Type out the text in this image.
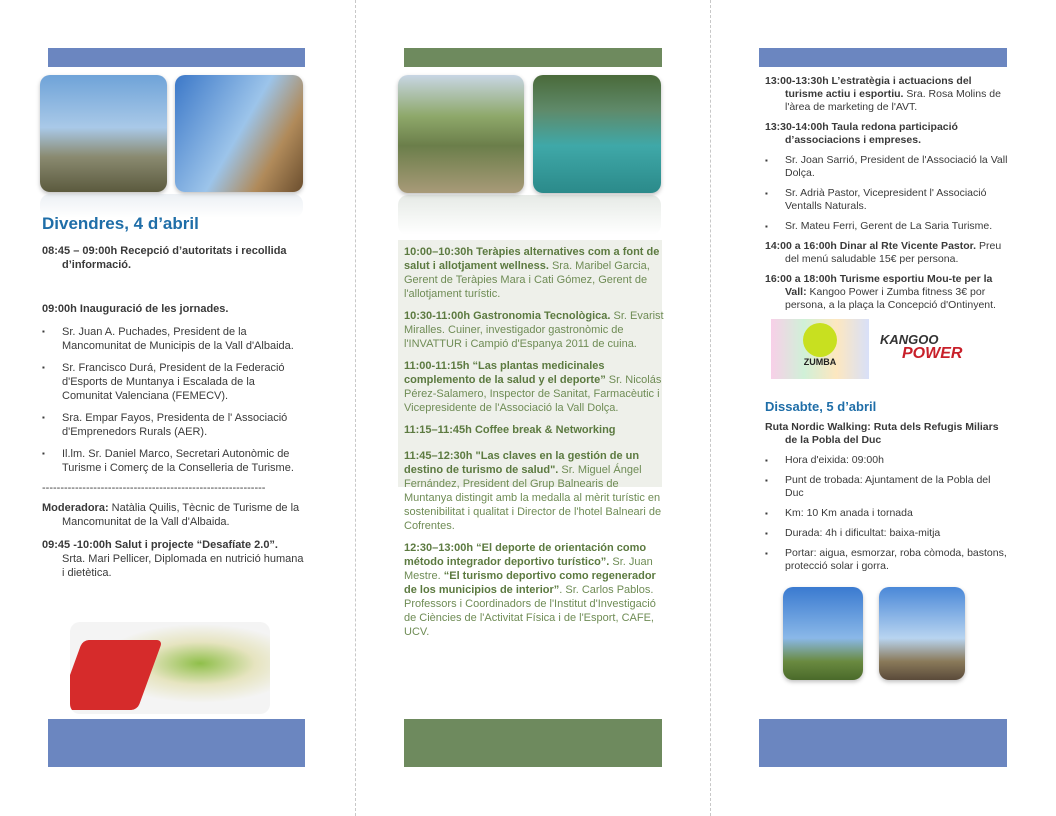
Divendres, 4 d’abril
08:45 – 09:00h Recepció d’autoritats i recollida d’informació.
09:00h Inauguració de les jornades.
▪ Sr. Juan A. Puchades, President de la Mancomunitat de Municipis de la Vall d'Albaida.
▪ Sr. Francisco Durá, President de la Federació d'Esports de Muntanya i Escalada de la Comunitat Valenciana (FEMECV).
▪ Sra. Empar Fayos, Presidenta de l' Associació d'Emprenedors Rurals (AER).
▪ Il.lm. Sr. Daniel Marco, Secretari Autonòmic de Turisme i Comerç de la Conselleria de Turisme.
-------------------------------------------------------------
Moderadora: Natàlia Quilis, Tècnic de Turisme de la Mancomunitat de la Vall d'Albaida.
09:45 -10:00h Salut i projecte “Desafíate 2.0”. Srta. Mari Pellicer, Diplomada en nutrició humana i dietètica.
10:00–10:30h Teràpies alternatives com a font de salut i allotjament wellness. Sra. Maribel Garcia, Gerent de Teràpies Mara i Cati Gómez, Gerent de l'allotjament turístic.
10:30-11:00h Gastronomia Tecnològica. Sr. Evarist Miralles. Cuiner, investigador gastronòmic de l'INVATTUR i Campió d'Espanya 2011 de cuina.
11:00-11:15h “Las plantas medicinales complemento de la salud y el deporte” Sr. Nicolás Pérez-Salamero, Inspector de Sanitat, Farmacèutic i Vicepresidente de l'Associació la Vall Dolça.
11:15–11:45h Coffee break & Networking
11:45–12:30h "Las claves en la gestión de un destino de turismo de salud". Sr. Miguel Ángel Fernández, President del Grup Balnearis de Muntanya distingit amb la medalla al mèrit turístic en sostenibilitat i qualitat i Director de l'hotel Balneari de Cofrentes.
12:30–13:00h “El deporte de orientación como método integrador deportivo turístico”. Sr. Juan Mestre. “El turismo deportivo como regenerador de los municipios de interior”. Sr. Carlos Pablos. Professors i Coordinadors de l'Institut d'Investigació de Ciències de l'Activitat Física i de l'Esport, CAFE, UCV.
13:00-13:30h L’estratègia i actuacions del turisme actiu i esportiu. Sra. Rosa Molins de l'àrea de marketing de l'AVT.
13:30-14:00h Taula redona participació d’associacions i empreses.
▪ Sr. Joan Sarrió, President de l'Associació la Vall Dolça.
▪ Sr. Adrià Pastor, Vicepresident l' Associació Ventalls Naturals.
▪ Sr. Mateu Ferri, Gerent de La Saria Turisme.
14:00 a 16:00h Dinar al Rte Vicente Pastor. Preu del menú saludable 15€ per persona.
16:00 a 18:00h Turisme esportiu Mou-te per la Vall: Kangoo Power i Zumba fitness 3€ por persona, a la plaça la Concepció d'Ontinyent.
ZUMBA
KANGOO
POWER
Dissabte, 5 d’abril
Ruta Nordic Walking: Ruta dels Refugis Miliars de la Pobla del Duc
▪ Hora d'eixida: 09:00h
▪ Punt de trobada: Ajuntament de la Pobla del Duc
▪ Km: 10 Km anada i tornada
▪ Durada: 4h i dificultat: baixa-mitja
▪ Portar: aigua, esmorzar, roba còmoda, bastons, protecció solar i gorra.
